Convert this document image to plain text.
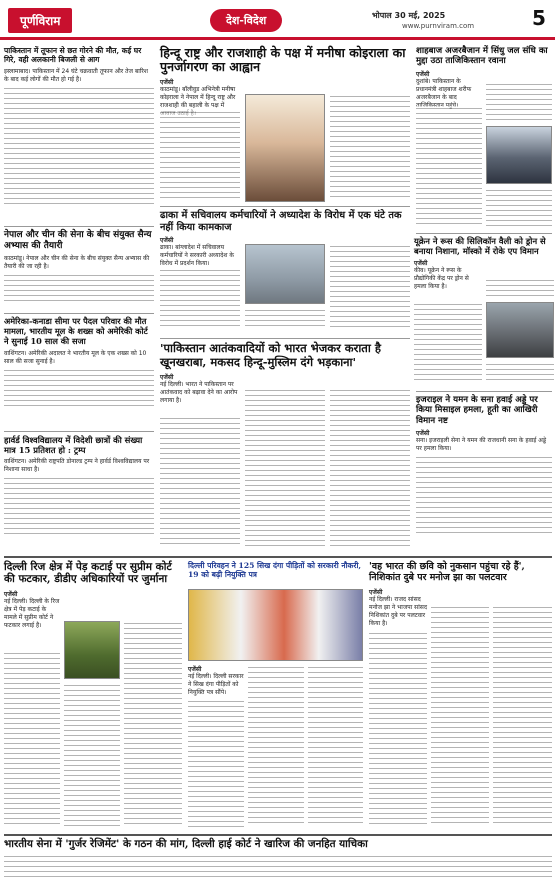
पूर्णविराम	देश-विदेश	भोपाल 30 मई, 2025
www.purnviram.com	5
पाकिस्तान में तूफान से छत गोरने की मौत, कई घर गिरे, वही अलकानी बिजली से आग
इस्लामाबाद। पाकिस्तान में 24 घंटे चक्रवाती तूफान और तेज बारिश के बाद कई लोगों की मौत हो गई है।
नेपाल और चीन की सेना के बीच संयुक्त सैन्य अभ्यास की तैयारी
काठमांडू। नेपाल और चीन की सेना के बीच संयुक्त सैन्य अभ्यास की तैयारी की जा रही है।
अमेरिका-कनाडा सीमा पर पैदल परिवार की मौत मामला, भारतीय मूल के शख्स को अमेरिकी कोर्ट ने सुनाई 10 साल की सजा
वाशिंगटन। अमेरिकी अदालत ने भारतीय मूल के एक शख्स को 10 साल की सजा सुनाई है।
हार्वर्ड विश्वविद्यालय में विदेशी छात्रों की संख्या मात्र 15 प्रतिशत हो : ट्रम्प
वाशिंगटन। अमेरिकी राष्ट्रपति डोनाल्ड ट्रम्प ने हार्वर्ड विश्वविद्यालय पर निशाना साधा है।
हिन्दू राष्ट्र और राजशाही के पक्ष में मनीषा कोइराला का पुनर्जागरण का आह्वान
एजेंसी
काठमांडू। बॉलीवुड अभिनेत्री मनीषा कोइराला ने नेपाल में हिन्दू राष्ट्र और राजशाही की बहाली के पक्ष में
ढाका में सचिवालय कर्मचारियों ने अध्यादेश के विरोध में एक घंटे तक नहीं किया कामकाज
एजेंसी
ढाका। बांग्लादेश में सचिवालय कर्मचारियों ने सरकारी अध्यादेश के विरोध में प्रदर्शन किया।
शाहबाज अजरबैजान में सिंधु जल संधि का मुद्दा उठा ताजिकिस्तान रवाना
एजेंसी
दुशांबे। पाकिस्तान के प्रधानमंत्री शाहबाज शरीफ अजरबैजान के बाद
यूक्रेन ने रूस की सिलिकॉन वैली को ड्रोन से बनाया निशाना, मॉस्को में रोके एप विमान
एजेंसी
कीव। यूक्रेन ने रूस के प्रौद्योगिकी केंद्र पर ड्रोन से हमला किया है।
'पाकिस्तान आतंकवादियों को भारत भेजकर कराता है खूनखराबा, मकसद हिन्दू-मुस्लिम दंगे भड़काना'
एजेंसी
नई दिल्ली। भारत ने पाकिस्तान पर आतंकवाद को बढ़ावा देने का आरोप लगाया है।	इजराइल ने यमन के सना हवाई अड्डे पर किया मिसाइल हमला, हूती का आखिरी विमान नष्ट
एजेंसी
सना। इजराइली सेना ने यमन की राजधानी सना के हवाई अड्डे पर हमला किया।
दिल्ली रिज क्षेत्र में पेड़ कटाई पर सुप्रीम कोर्ट की फटकार, डीडीए अधिकारियों पर जुर्माना
एजेंसी
नई दिल्ली। दिल्ली के रिज क्षेत्र में पेड़ कटाई के मामले में सुप्रीम कोर्ट ने फटकार लगाई है।
दिल्ली परिवहन ने 125 सिख दंगा पीड़ितों को सरकारी नौकरी, 19 को बढ़ी नियुक्ति पत्र
एजेंसी
नई दिल्ली। दिल्ली सरकार ने सिख दंगा पीड़ितों को नियुक्ति पत्र सौंपे।
'वह भारत की छवि को नुकसान पहुंचा रहे हैं', निशिकांत दुबे पर मनोज झा का पलटवार
एजेंसी
नई दिल्ली। राजद सांसद मनोज झा ने भाजपा सांसद निशिकांत दुबे पर पलटवार किया है।
भारतीय सेना में 'गुर्जर रेजिमेंट' के गठन की मांग, दिल्ली हाई कोर्ट ने खारिज की जनहित याचिका
